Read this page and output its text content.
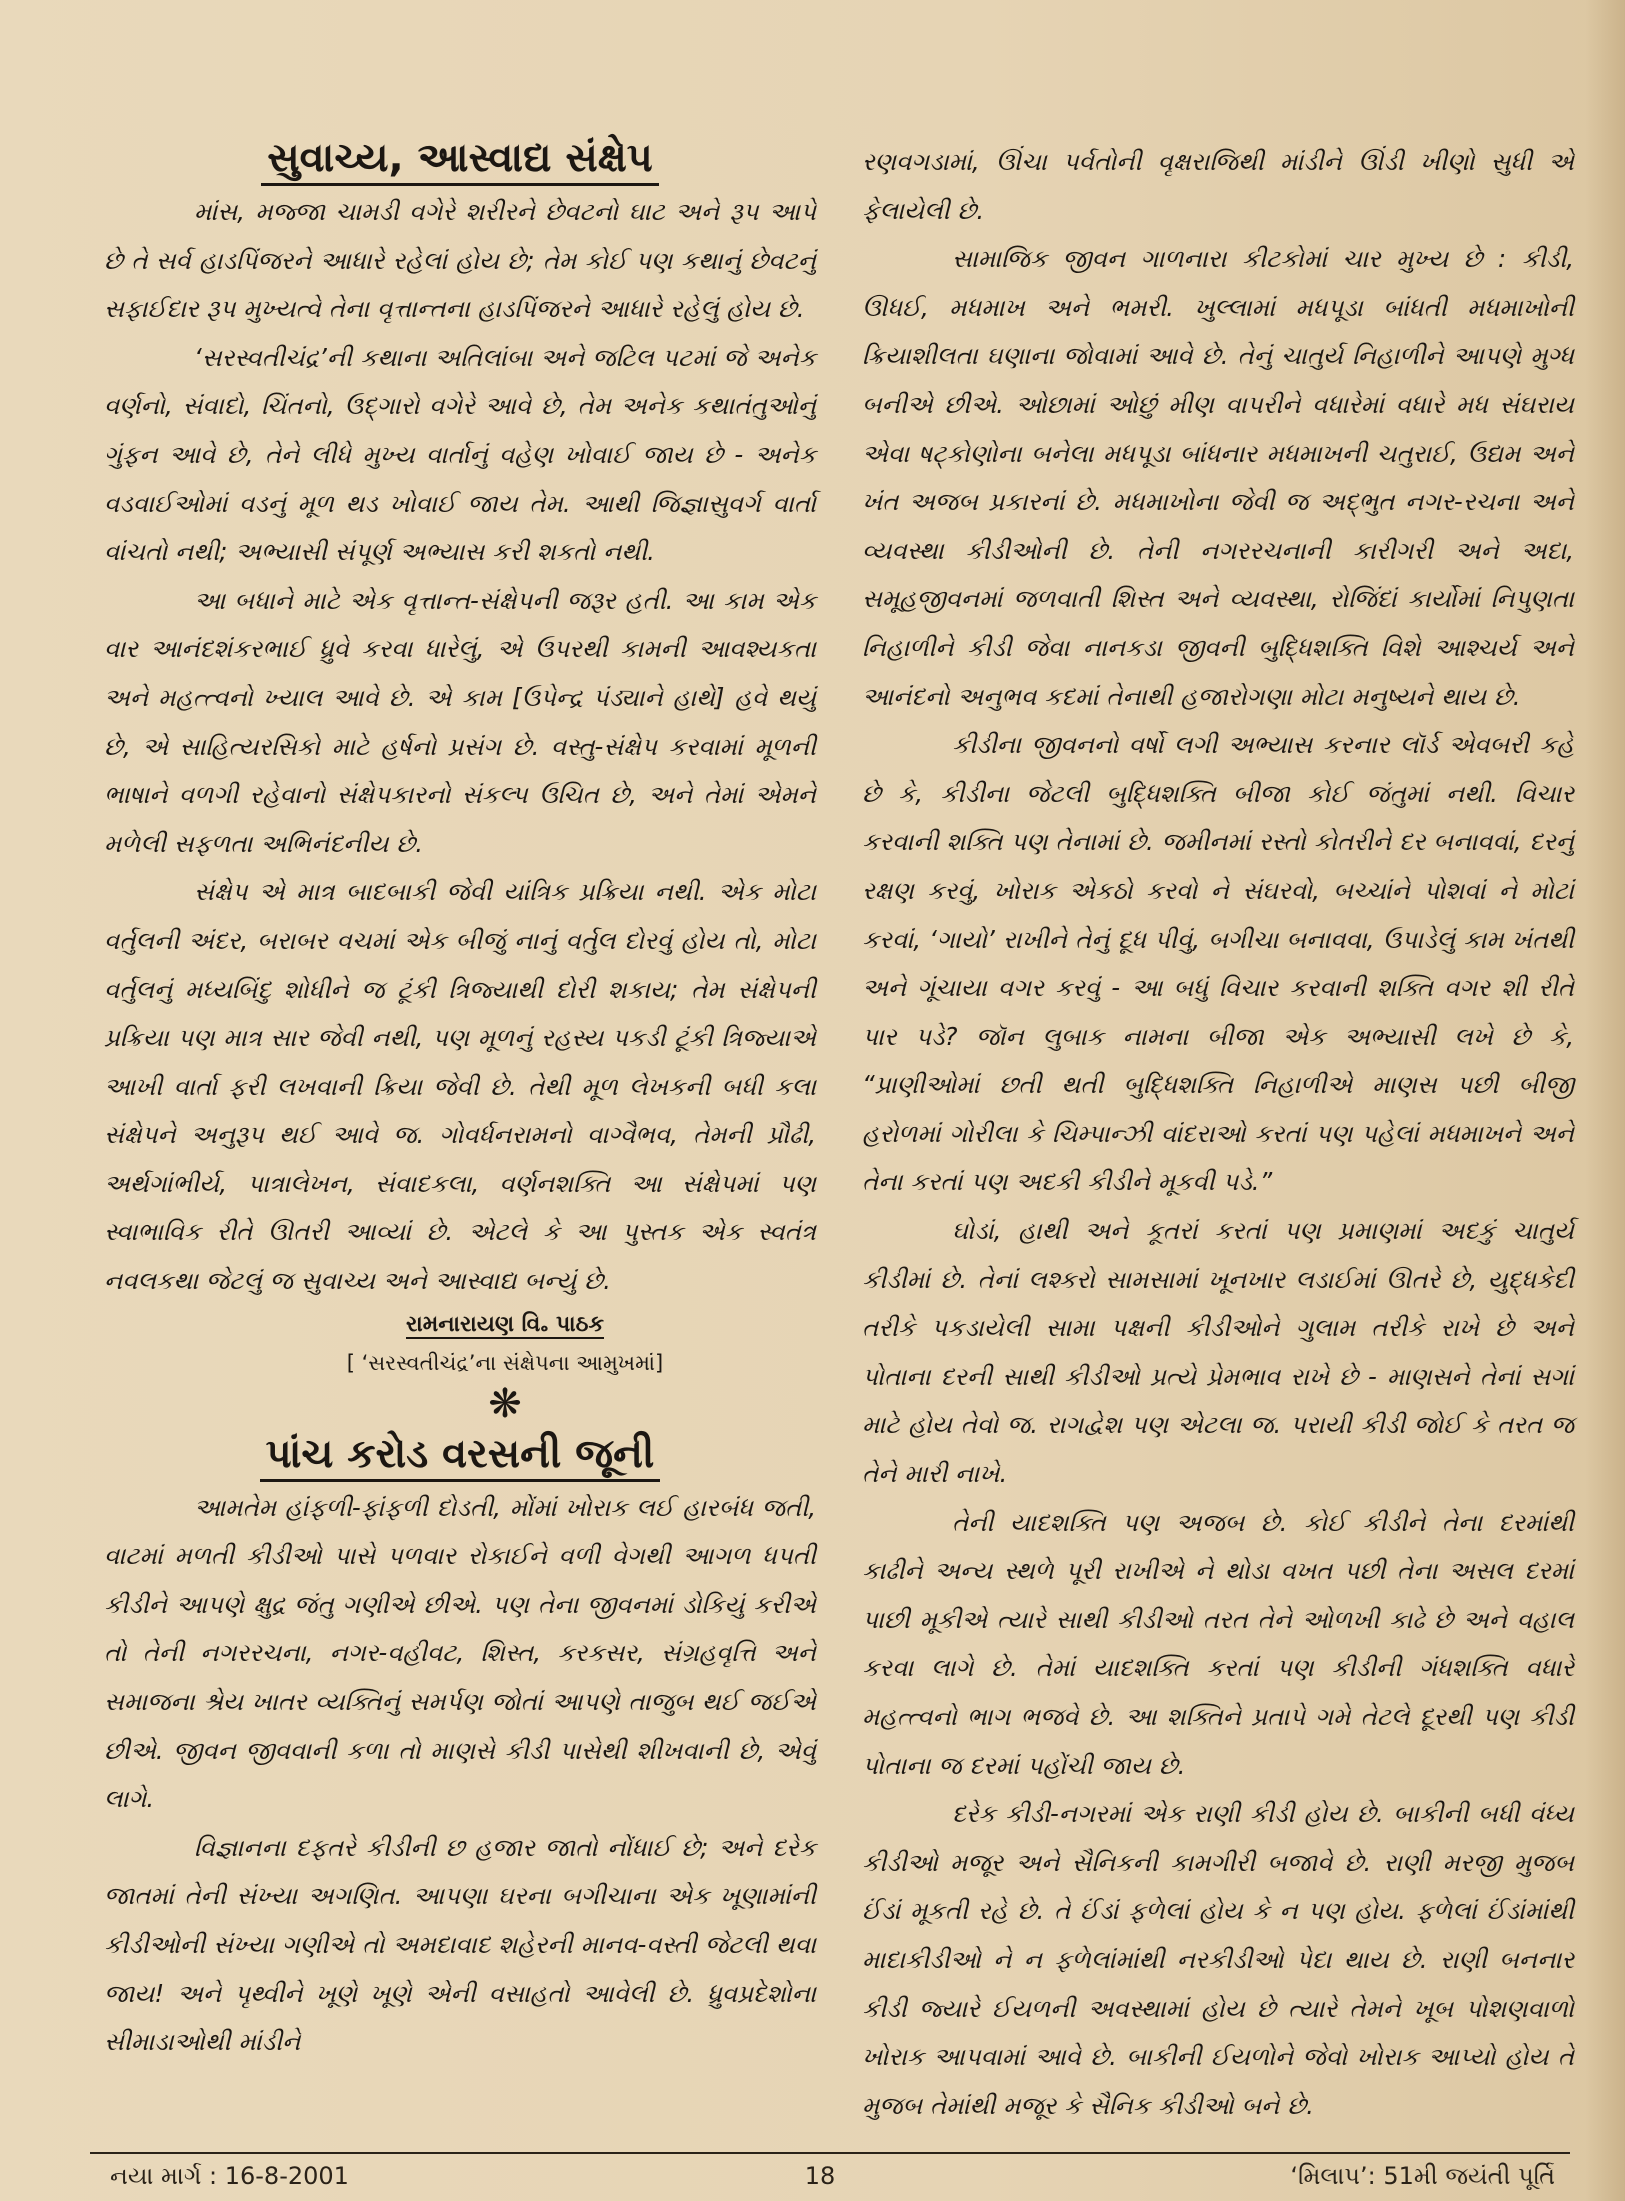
સુવાચ્ય, આસ્વાદ્ય સંક્ષેપ

માંસ, મજ્જા ચામડી વગેરે શરીરને છેવટનો ઘાટ અને રૂપ આપે છે તે સર્વ હાડપિંજરને આધારે રહેલાં હોય છે; તેમ કોઈ પણ કથાનું છેવટનું સફાઈદાર રૂપ મુખ્યત્વે તેના વૃત્તાન્તના હાડપિંજરને આધારે રહેલું હોય છે.

‘સરસ્વતીચંદ્ર’ની કથાના અતિલાંબા અને જટિલ પટમાં જે અનેક વર્ણનો, સંવાદો, ચિંતનો, ઉદ્ગારો વગેરે આવે છે, તેમ અનેક કથાતંતુઓનું ગુંફન આવે છે, તેને લીધે મુખ્ય વાર્તાનું વહેણ ખોવાઈ જાય છે - અનેક વડવાઈઓમાં વડનું મૂળ થડ ખોવાઈ જાય તેમ. આથી જિજ્ઞાસુવર્ગ વાર્તા વાંચતો નથી; અભ્યાસી સંપૂર્ણ અભ્યાસ કરી શકતો નથી.

આ બધાને માટે એક વૃત્તાન્ત-સંક્ષેપની જરૂર હતી. આ કામ એક વાર આનંદશંકરભાઈ ધ્રુવે કરવા ધારેલું, એ ઉપરથી કામની આવશ્યકતા અને મહત્ત્વનો ખ્યાલ આવે છે. એ કામ [ઉપેન્દ્ર પંડ્યાને હાથે] હવે થયું છે, એ સાહિત્યરસિકો માટે હર્ષનો પ્રસંગ છે. વસ્તુ-સંક્ષેપ કરવામાં મૂળની ભાષાને વળગી રહેવાનો સંક્ષેપકારનો સંકલ્પ ઉચિત છે, અને તેમાં એમને મળેલી સફળતા અભિનંદનીય છે.

સંક્ષેપ એ માત્ર બાદબાકી જેવી યાંત્રિક પ્રક્રિયા નથી. એક મોટા વર્તુલની અંદર, બરાબર વચમાં એક બીજું નાનું વર્તુલ દોરવું હોય તો, મોટા વર્તુલનું મધ્યબિંદુ શોધીને જ ટૂંકી ત્રિજ્યાથી દોરી શકાય; તેમ સંક્ષેપની પ્રક્રિયા પણ માત્ર સાર જેવી નથી, પણ મૂળનું રહસ્ય પકડી ટૂંકી ત્રિજ્યાએ આખી વાર્તા ફરી લખવાની ક્રિયા જેવી છે. તેથી મૂળ લેખકની બધી કલા સંક્ષેપને અનુરૂપ થઈ આવે જ. ગોવર્ધનરામનો વાગ્વૈભવ, તેમની પ્રૌઢી, અર્થગાંભીર્ય, પાત્રાલેખન, સંવાદકલા, વર્ણનશક્તિ આ સંક્ષેપમાં પણ સ્વાભાવિક રીતે ઊતરી આવ્યાં છે. એટલે કે આ પુસ્તક એક સ્વતંત્ર નવલકથા જેટલું જ સુવાચ્ય અને આસ્વાદ્ય બન્યું છે.

રામનારાયણ વિ૰ પાઠક

[ ‘સરસ્વતીચંદ્ર’ના સંક્ષેપના આમુખમાં]

❋

પાંચ કરોડ વરસની જૂની

આમતેમ હાંફળી-ફાંફળી દોડતી, મોંમાં ખોરાક લઈ હારબંધ જતી, વાટમાં મળતી કીડીઓ પાસે પળવાર રોકાઈને વળી વેગથી આગળ ધપતી કીડીને આપણે ક્ષુદ્ર જંતુ ગણીએ છીએ. પણ તેના જીવનમાં ડોકિયું કરીએ તો તેની નગરરચના, નગર-વહીવટ, શિસ્ત, કરકસર, સંગ્રહવૃત્તિ અને સમાજના શ્રેય ખાતર વ્યક્તિનું સમર્પણ જોતાં આપણે તાજુબ થઈ જઈએ છીએ. જીવન જીવવાની કળા તો માણસે કીડી પાસેથી શીખવાની છે, એવું લાગે.

વિજ્ઞાનના દફતરે કીડીની છ હજાર જાતો નોંધાઈ છે; અને દરેક જાતમાં તેની સંખ્યા અગણિત. આપણા ઘરના બગીચાના એક ખૂણામાંની કીડીઓની સંખ્યા ગણીએ તો અમદાવાદ શહેરની માનવ-વસ્તી જેટલી થવા જાય! અને પૃથ્વીને ખૂણે ખૂણે એની વસાહતો આવેલી છે. ધ્રુવપ્રદેશોના સીમાડાઓથી માંડીને

રણવગડામાં, ઊંચા પર્વતોની વૃક્ષરાજિથી માંડીને ઊંડી ખીણો સુધી એ ફેલાયેલી છે.

સામાજિક જીવન ગાળનારા કીટકોમાં ચાર મુખ્ય છે : કીડી, ઊધઈ, મધમાખ અને ભમરી. ખુલ્લામાં મધપૂડા બાંધતી મધમાખોની ક્રિયાશીલતા ઘણાના જોવામાં આવે છે. તેનું ચાતુર્ય નિહાળીને આપણે મુગ્ધ બનીએ છીએ. ઓછામાં ઓછું મીણ વાપરીને વધારેમાં વધારે મધ સંઘરાય એવા ષટ્કોણોના બનેલા મધપૂડા બાંધનાર મધમાખની ચતુરાઈ, ઉદ્યમ અને ખંત અજબ પ્રકારનાં છે. મધમાખોના જેવી જ અદ્ભુત નગર-રચના અને વ્યવસ્થા કીડીઓની છે. તેની નગરરચનાની કારીગરી અને અદા, સમૂહજીવનમાં જળવાતી શિસ્ત અને વ્યવસ્થા, રોજિંદાં કાર્યોમાં નિપુણતા નિહાળીને કીડી જેવા નાનકડા જીવની બુદ્ધિશક્તિ વિશે આશ્ચર્ય અને આનંદનો અનુભવ કદમાં તેનાથી હજારોગણા મોટા મનુષ્યને થાય છે.

કીડીના જીવનનો વર્ષો લગી અભ્યાસ કરનાર લૉર્ડ એવબરી કહે છે કે, કીડીના જેટલી બુદ્ધિશક્તિ બીજા કોઈ જંતુમાં નથી. વિચાર કરવાની શક્તિ પણ તેનામાં છે. જમીનમાં રસ્તો કોતરીને દર બનાવવાં, દરનું રક્ષણ કરવું, ખોરાક એકઠો કરવો ને સંઘરવો, બચ્ચાંને પોશવાં ને મોટાં કરવાં, ‘ગાયો’ રાખીને તેનું દૂધ પીવું, બગીચા બનાવવા, ઉપાડેલું કામ ખંતથી અને ગૂંચાયા વગર કરવું - આ બધું વિચાર કરવાની શક્તિ વગર શી રીતે પાર પડે? જૉન લુબાક નામના બીજા એક અભ્યાસી લખે છે કે, “પ્રાણીઓમાં છતી થતી બુદ્ધિશક્તિ નિહાળીએ માણસ પછી બીજી હરોળમાં ગોરીલા કે ચિમ્પાન્ઝી વાંદરાઓ કરતાં પણ પહેલાં મધમાખને અને તેના કરતાં પણ અદકી કીડીને મૂકવી પડે.”

ઘોડાં, હાથી અને કૂતરાં કરતાં પણ પ્રમાણમાં અદકું ચાતુર્ય કીડીમાં છે. તેનાં લશ્કરો સામસામાં ખૂનખાર લડાઈમાં ઊતરે છે, યુદ્ધકેદી તરીકે પકડાયેલી સામા પક્ષની કીડીઓને ગુલામ તરીકે રાખે છે અને પોતાના દરની સાથી કીડીઓ પ્રત્યે પ્રેમભાવ રાખે છે - માણસને તેનાં સગાં માટે હોય તેવો જ. રાગદ્વેશ પણ એટલા જ. પરાયી કીડી જોઈ કે તરત જ તેને મારી નાખે.

તેની યાદશક્તિ પણ અજબ છે. કોઈ કીડીને તેના દરમાંથી કાઢીને અન્ય સ્થળે પૂરી રાખીએ ને થોડા વખત પછી તેના અસલ દરમાં પાછી મૂકીએ ત્યારે સાથી કીડીઓ તરત તેને ઓળખી કાઢે છે અને વહાલ કરવા લાગે છે. તેમાં યાદશક્તિ કરતાં પણ કીડીની ગંધશક્તિ વધારે મહત્ત્વનો ભાગ ભજવે છે. આ શક્તિને પ્રતાપે ગમે તેટલે દૂરથી પણ કીડી પોતાના જ દરમાં પહોંચી જાય છે.

દરેક કીડી-નગરમાં એક રાણી કીડી હોય છે. બાકીની બધી વંધ્ય કીડીઓ મજૂર અને સૈનિકની કામગીરી બજાવે છે. રાણી મરજી મુજબ ઈંડાં મૂકતી રહે છે. તે ઈંડાં ફળેલાં હોય કે ન પણ હોય. ફળેલાં ઈંડાંમાંથી માદાકીડીઓ ને ન ફળેલાંમાંથી નરકીડીઓ પેદા થાય છે. રાણી બનનાર કીડી જ્યારે ઈયળની અવસ્થામાં હોય છે ત્યારે તેમને ખૂબ પોશણવાળો ખોરાક આપવામાં આવે છે. બાકીની ઈયળોને જેવો ખોરાક આપ્યો હોય તે મુજબ તેમાંથી મજૂર કે સૈનિક કીડીઓ બને છે.

નયા માર્ગ : 16-8-2001	18	‘મિલાપ’: 51મી જયંતી પૂર્તિ
